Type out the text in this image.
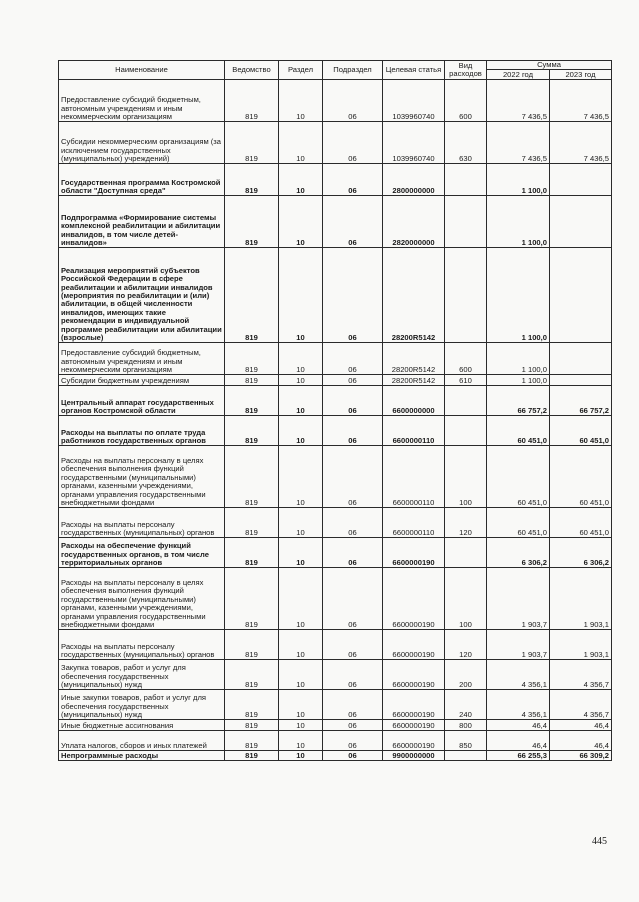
Наименование	Ведомство	Раздел	Подраздел	Целевая статья	Вид расходов	Сумма	
						2022 год	2023 год
Предоставление субсидий бюджетным, автономным учреждениям и иным некоммерческим организациям	819	10	06	1039960740	600	7 436,5	7 436,5
Субсидии некоммерческим организациям (за исключением государственных (муниципальных) учреждений)	819	10	06	1039960740	630	7 436,5	7 436,5
Государственная программа Костромской области "Доступная среда"	819	10	06	2800000000		1 100,0	
Подпрограмма «Формирование системы комплексной реабилитации и абилитации инвалидов, в том числе детей-инвалидов»	819	10	06	2820000000		1 100,0	
Реализация мероприятий субъектов Российской Федерации в сфере реабилитации и абилитации инвалидов (мероприятия по реабилитации и (или) абилитации, в общей численности инвалидов, имеющих такие рекомендации в индивидуальной программе реабилитации или абилитации (взрослые)	819	10	06	28200R5142		1 100,0	
Предоставление субсидий бюджетным, автономным учреждениям и иным некоммерческим организациям	819	10	06	28200R5142	600	1 100,0	
Субсидии бюджетным учреждениям	819	10	06	28200R5142	610	1 100,0	
Центральный аппарат государственных органов Костромской области	819	10	06	6600000000		66 757,2	66 757,2
Расходы на выплаты по оплате труда работников государственных органов	819	10	06	6600000110		60 451,0	60 451,0
Расходы на выплаты персоналу в целях обеспечения выполнения функций государственными (муниципальными) органами, казенными учреждениями, органами управления государственными внебюджетными фондами	819	10	06	6600000110	100	60 451,0	60 451,0
Расходы на выплаты персоналу государственных (муниципальных) органов	819	10	06	6600000110	120	60 451,0	60 451,0
Расходы на обеспечение функций государственных органов, в том числе территориальных органов	819	10	06	6600000190		6 306,2	6 306,2
Расходы на выплаты персоналу в целях обеспечения выполнения функций государственными (муниципальными) органами, казенными учреждениями, органами управления государственными внебюджетными фондами	819	10	06	6600000190	100	1 903,7	1 903,1
Расходы на выплаты персоналу государственных (муниципальных) органов	819	10	06	6600000190	120	1 903,7	1 903,1
Закупка товаров, работ и услуг для обеспечения государственных (муниципальных) нужд	819	10	06	6600000190	200	4 356,1	4 356,7
Иные закупки товаров, работ и услуг для обеспечения государственных (муниципальных) нужд	819	10	06	6600000190	240	4 356,1	4 356,7
Иные бюджетные ассигнования	819	10	06	6600000190	800	46,4	46,4
Уплата налогов, сборов и иных платежей	819	10	06	6600000190	850	46,4	46,4
Непрограммные расходы	819	10	06	9900000000		66 255,3	66 309,2
445
